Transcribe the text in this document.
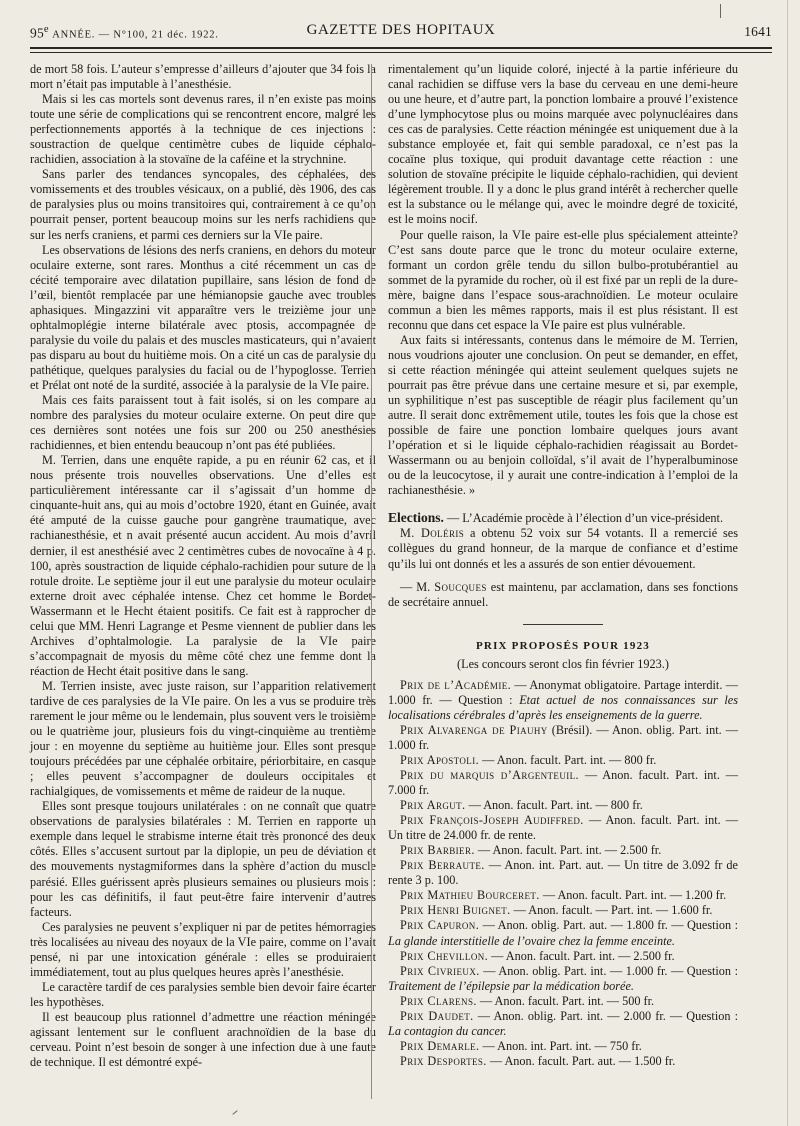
95e ANNÉE. — N°100, 21 déc. 1922.	GAZETTE DES HOPITAUX	1641

de mort 58 fois. L’auteur s’empresse d’ailleurs d’ajouter que 34 fois la mort n’était pas imputable à l’anesthésie.

Mais si les cas mortels sont devenus rares, il n’en existe pas moins toute une série de complications qui se rencontrent encore, malgré les perfectionnements apportés à la technique de ces injections : soustraction de quelque centimètre cubes de liquide céphalo-rachidien, association à la stovaïne de la caféine et la strychnine.

Sans parler des tendances syncopales, des céphalées, des vomissements et des troubles vésicaux, on a publié, dès 1906, des cas de paralysies plus ou moins transitoires qui, contrairement à ce qu’on pourrait penser, portent beaucoup moins sur les nerfs rachidiens que sur les nerfs craniens, et parmi ces derniers sur la VIe paire.

Les observations de lésions des nerfs craniens, en dehors du moteur oculaire externe, sont rares. Monthus a cité récemment un cas de cécité temporaire avec dilatation pupillaire, sans lésion de fond de l’œil, bientôt remplacée par une hémianopsie gauche avec troubles aphasiques. Mingazzini vit apparaître vers le treizième jour une ophtalmoplégie interne bilatérale avec ptosis, accompagnée de paralysie du voile du palais et des muscles masticateurs, qui n’avaient pas disparu au bout du huitième mois. On a cité un cas de paralysie du pathétique, quelques paralysies du facial ou de l’hypoglosse. Terrien et Prélat ont noté de la surdité, associée à la paralysie de la VIe paire.

Mais ces faits paraissent tout à fait isolés, si on les compare au nombre des paralysies du moteur oculaire externe. On peut dire que ces dernières sont notées une fois sur 200 ou 250 anesthésies rachidiennes, et bien entendu beaucoup n’ont pas été publiées.

M. Terrien, dans une enquête rapide, a pu en réunir 62 cas, et il nous présente trois nouvelles observations. Une d’elles est particulièrement intéressante car il s’agissait d’un homme de cinquante-huit ans, qui au mois d’octobre 1920, étant en Guinée, avait été amputé de la cuisse gauche pour gangrène traumatique, avec rachianesthésie, et n avait présenté aucun accident. Au mois d’avril dernier, il est anesthésié avec 2 centimètres cubes de novocaïne à 4 p. 100, après soustraction de liquide céphalo-rachidien pour suture de la rotule droite. Le septième jour il eut une paralysie du moteur oculaire externe droit avec céphalée intense. Chez cet homme le Bordet-Wassermann et le Hecht étaient positifs. Ce fait est à rapprocher de celui que MM. Henri Lagrange et Pesme viennent de publier dans les Archives d’ophtalmologie. La paralysie de la VIe paire s’accompagnait de myosis du même côté chez une femme dont la réaction de Hecht était positive dans le sang.

M. Terrien insiste, avec juste raison, sur l’apparition relativement tardive de ces paralysies de la VIe paire. On les a vus se produire très rarement le jour même ou le lendemain, plus souvent vers le troisième ou le quatrième jour, plusieurs fois du vingt-cinquième au trentième jour : en moyenne du septième au huitième jour. Elles sont presque toujours précédées par une céphalée orbitaire, périorbitaire, en casque ; elles peuvent s’accompagner de douleurs occipitales et rachialgiques, de vomissements et même de raideur de la nuque.

Elles sont presque toujours unilatérales : on ne connaît que quatre observations de paralysies bilatérales : M. Terrien en rapporte un exemple dans lequel le strabisme interne était très prononcé des deux côtés. Elles s’accusent surtout par la diplopie, un peu de déviation et des mouvements nystagmiformes dans la sphère d’action du muscle parésié. Elles guérissent après plusieurs semaines ou plusieurs mois : pour les cas définitifs, il faut peut-être faire intervenir d’autres facteurs.

Ces paralysies ne peuvent s’expliquer ni par de petites hémorragies très localisées au niveau des noyaux de la VIe paire, comme on l’avait pensé, ni par une intoxication générale : elles se produiraient immédiatement, tout au plus quelques heures après l’anesthésie.

Le caractère tardif de ces paralysies semble bien devoir faire écarter les hypothèses.

Il est beaucoup plus rationnel d’admettre une réaction méningée agissant lentement sur le confluent arachnoïdien de la base du cerveau. Point n’est besoin de songer à une infection due à une faute de technique. Il est démontré expé-

rimentalement qu’un liquide coloré, injecté à la partie inférieure du canal rachidien se diffuse vers la base du cerveau en une demi-heure ou une heure, et d’autre part, la ponction lombaire a prouvé l’existence d’une lymphocytose plus ou moins marquée avec polynucléaires dans ces cas de paralysies. Cette réaction méningée est uniquement due à la substance employée et, fait qui semble paradoxal, ce n’est pas la cocaïne plus toxique, qui produit davantage cette réaction : une solution de stovaïne précipite le liquide céphalo-rachidien, qui devient légèrement trouble. Il y a donc le plus grand intérêt à rechercher quelle est la substance ou le mélange qui, avec le moindre degré de toxicité, est le moins nocif.

Pour quelle raison, la VIe paire est-elle plus spécialement atteinte? C’est sans doute parce que le tronc du moteur oculaire externe, formant un cordon grêle tendu du sillon bulbo-protubérantiel au sommet de la pyramide du rocher, où il est fixé par un repli de la dure-mère, baigne dans l’espace sous-arachnoïdien. Le moteur oculaire commun a bien les mêmes rapports, mais il est plus résistant. Il est reconnu que dans cet espace la VIe paire est plus vulnérable.

Aux faits si intéressants, contenus dans le mémoire de M. Terrien, nous voudrions ajouter une conclusion. On peut se demander, en effet, si cette réaction méningée qui atteint seulement quelques sujets ne pourrait pas être prévue dans une certaine mesure et si, par exemple, un syphilitique n’est pas susceptible de réagir plus facilement qu’un autre. Il serait donc extrêmement utile, toutes les fois que la chose est possible de faire une ponction lombaire quelques jours avant l’opération et si le liquide céphalo-rachidien réagissait au Bordet-Wassermann ou au benjoin colloïdal, s’il avait de l’hyperalbuminose ou de la leucocytose, il y aurait une contre-indication à l’emploi de la rachianesthésie. »

Elections. — L’Académie procède à l’élection d’un vice-président.

M. Doléris a obtenu 52 voix sur 54 votants. Il a remercié ses collègues du grand honneur, de la marque de confiance et d’estime qu’ils lui ont donnés et les a assurés de son entier dévouement.

— M. Soucques est maintenu, par acclamation, dans ses fonctions de secrétaire annuel.

PRIX PROPOSÉS POUR 1923
(Les concours seront clos fin février 1923.)

Prix de l’Académie. — Anonymat obligatoire. Partage interdit. — 1.000 fr. — Question : Etat actuel de nos connaissances sur les localisations cérébrales d’après les enseignements de la guerre.

Prix Alvarenga de Piauhy (Brésil). — Anon. oblig. Part. int. — 1.000 fr.

Prix Apostoli. — Anon. facult. Part. int. — 800 fr.

Prix du marquis d’Argenteuil. — Anon. facult. Part. int. — 7.000 fr.

Prix Argut. — Anon. facult. Part. int. — 800 fr.

Prix François-Joseph Audiffred. — Anon. facult. Part. int. — Un titre de 24.000 fr. de rente.

Prix Barbier. — Anon. facult. Part. int. — 2.500 fr.

Prix Berraute. — Anon. int. Part. aut. — Un titre de 3.092 fr de rente 3 p. 100.

Prix Mathieu Bourceret. — Anon. facult. Part. int. — 1.200 fr.

Prix Henri Buignet. — Anon. facult. — Part. int. — 1.600 fr.

Prix Capuron. — Anon. oblig. Part. aut. — 1.800 fr. — Question : La glande interstitielle de l’ovaire chez la femme enceinte.

Prix Chevillon. — Anon. facult. Part. int. — 2.500 fr.

Prix Civrieux. — Anon. oblig. Part. int. — 1.000 fr. — Question : Traitement de l’épilepsie par la médication borée.

Prix Clarens. — Anon. facult. Part. int. — 500 fr.

Prix Daudet. — Anon. oblig. Part. int. — 2.000 fr. — Question : La contagion du cancer.

Prix Demarle. — Anon. int. Part. int. — 750 fr.

Prix Desportes. — Anon. facult. Part. aut. — 1.500 fr.
